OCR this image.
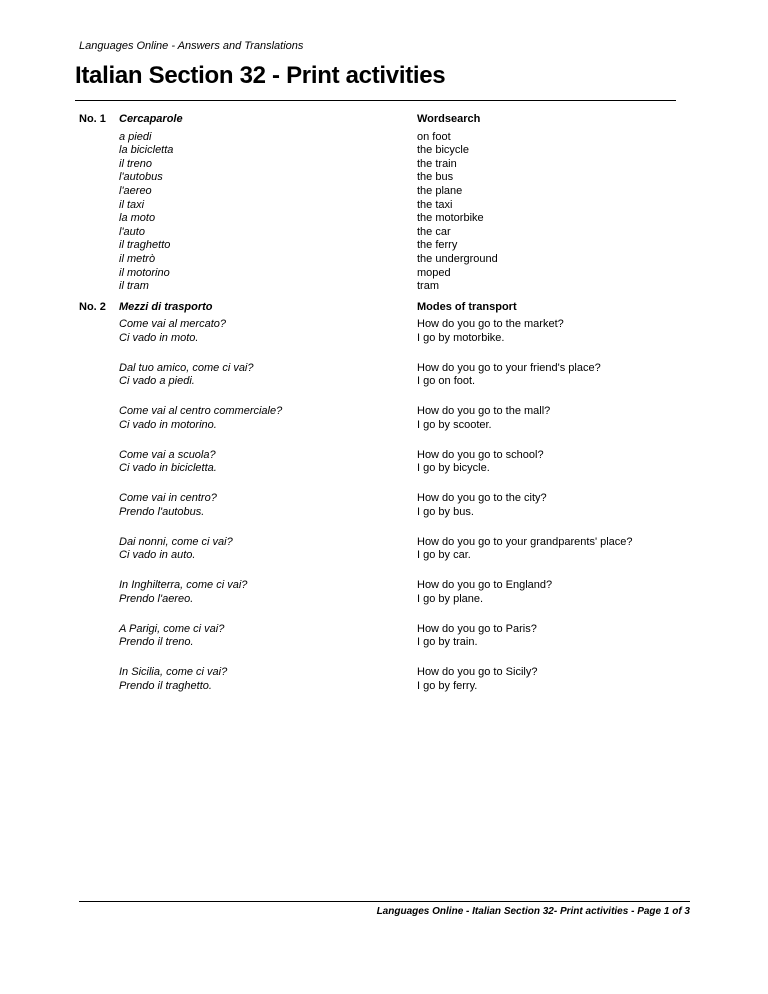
Languages Online - Answers and Translations
Italian Section 32 - Print activities
No. 1 Cercaparole
a piedi
la bicicletta
il treno
l'autobus
l'aereo
il taxi
la moto
l'auto
il traghetto
il metrò
il motorino
il tram
Wordsearch
on foot
the bicycle
the train
the bus
the plane
the taxi
the motorbike
the car
the ferry
the underground
moped
tram
No. 2 Mezzi di trasporto	Modes of transport
Come vai al mercato?
Ci vado in moto.
How do you go to the market?
I go by motorbike.
Dal tuo amico, come ci vai?
Ci vado a piedi.
How do you go to your friend's place?
I go on foot.
Come vai al centro commerciale?
Ci vado in motorino.
How do you go to the mall?
I go by scooter.
Come vai a scuola?
Ci vado in bicicletta.
How do you go to school?
I go by bicycle.
Come vai in centro?
Prendo l'autobus.
How do you go to the city?
I go by bus.
Dai nonni, come ci vai?
Ci vado in auto.
How do you go to your grandparents' place?
I go by car.
In Inghilterra, come ci vai?
Prendo l'aereo.
How do you go to England?
I go by plane.
A Parigi, come ci vai?
Prendo il treno.
How do you go to Paris?
I go by train.
In Sicilia, come ci vai?
Prendo il traghetto.
How do you go to Sicily?
I go by ferry.
Languages Online - Italian Section 32- Print activities - Page 1 of 3
